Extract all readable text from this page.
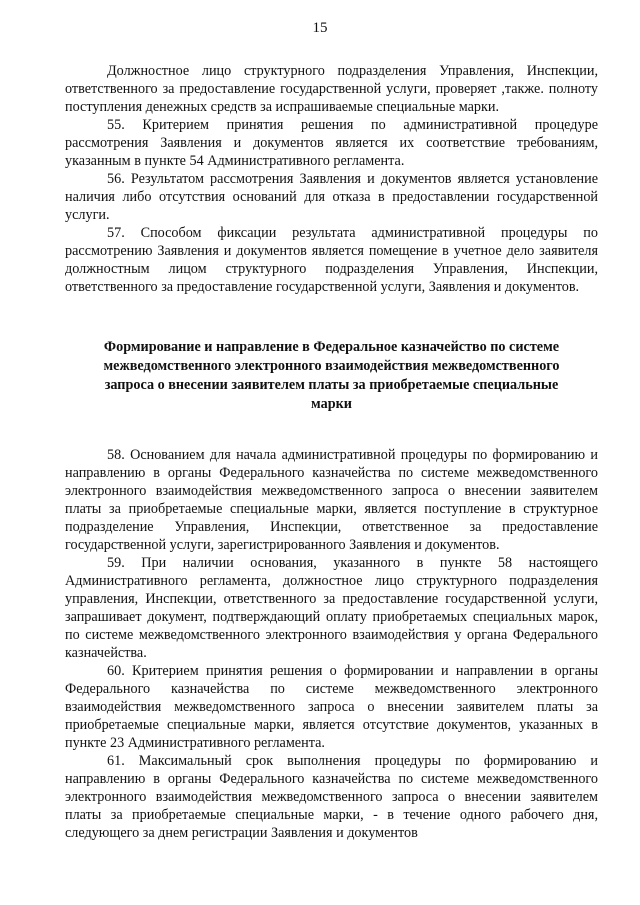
15

Должностное лицо структурного подразделения Управления, Инспекции, ответственного за предоставление государственной услуги, проверяет ,также. полноту поступления денежных средств за испрашиваемые специальные марки.

55. Критерием принятия решения по административной процедуре рассмотрения Заявления и документов является их соответствие требованиям, указанным в пункте 54 Административного регламента.

56. Результатом рассмотрения Заявления и документов является установление наличия либо отсутствия оснований для отказа в предоставлении государственной услуги.

57. Способом фиксации результата административной процедуры по рассмотрению Заявления и документов является помещение в учетное дело заявителя должностным лицом структурного подразделения Управления, Инспекции, ответственного за предоставление государственной услуги, Заявления и документов.

Формирование и направление в Федеральное казначейство по системе межведомственного электронного взаимодействия межведомственного запроса о внесении заявителем платы за приобретаемые специальные марки

58. Основанием для начала административной процедуры по формированию и направлению в органы Федерального казначейства по системе межведомственного электронного взаимодействия межведомственного запроса о внесении заявителем платы за приобретаемые специальные марки, является поступление в структурное подразделение Управления, Инспекции, ответственное за предоставление государственной услуги, зарегистрированного Заявления и документов.

59. При наличии основания, указанного в пункте 58 настоящего Административного регламента, должностное лицо структурного подразделения управления, Инспекции, ответственного за предоставление государственной услуги, запрашивает документ, подтверждающий оплату приобретаемых специальных марок, по системе межведомственного электронного взаимодействия у органа Федерального казначейства.

60. Критерием принятия решения о формировании и направлении в органы Федерального казначейства по системе межведомственного электронного взаимодействия межведомственного запроса о внесении заявителем платы за приобретаемые специальные марки, является отсутствие документов, указанных в пункте 23 Административного регламента.

61. Максимальный срок выполнения процедуры по формированию и направлению в органы Федерального казначейства по системе межведомственного электронного взаимодействия межведомственного запроса о внесении заявителем платы за приобретаемые специальные марки, - в течение одного рабочего дня, следующего за днем регистрации Заявления и документов
